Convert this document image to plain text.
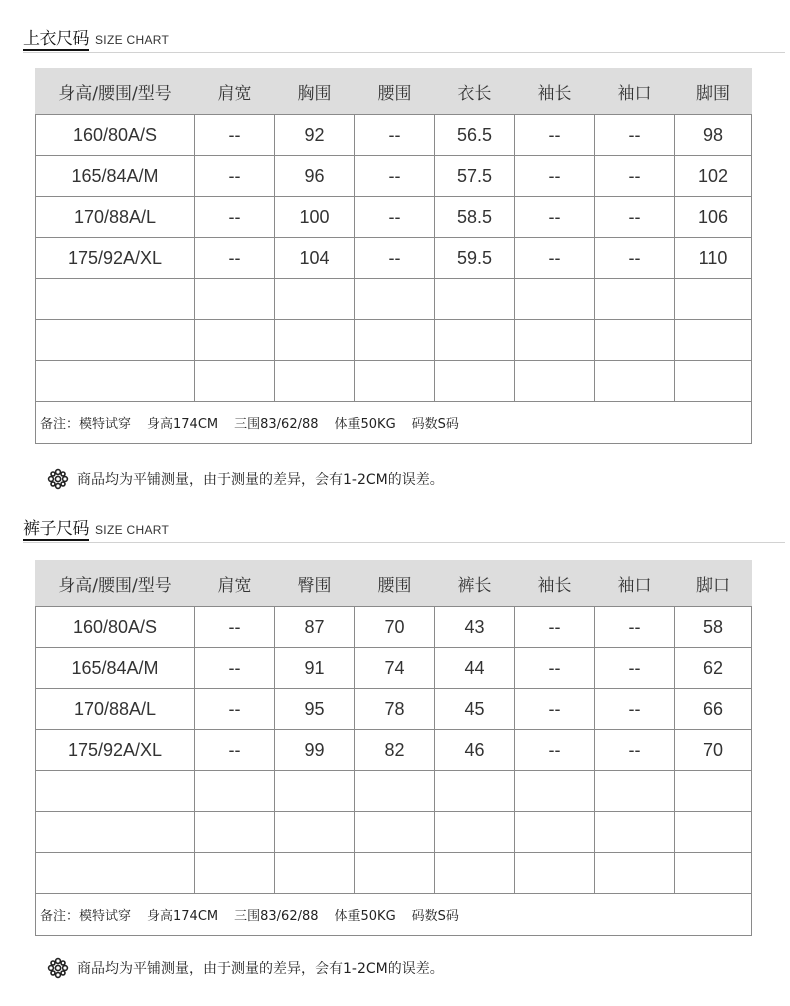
上衣尺码 SIZE CHART
身高/腰围/型号	肩宽	胸围	腰围	衣长	袖长	袖口	脚围
160/80A/S	--	92	--	56.5	--	--	98
165/84A/M	--	96	--	57.5	--	--	102
170/88A/L	--	100	--	58.5	--	--	106
175/92A/XL	--	104	--	59.5	--	--	110

备注：模特试穿 身高174CM 三围83/62/88 体重50KG 码数S码							
商品均为平铺测量，由于测量的差异，会有1-2CM的误差。
裤子尺码 SIZE CHART
身高/腰围/型号	肩宽	臀围	腰围	裤长	袖长	袖口	脚口
160/80A/S	--	87	70	43	--	--	58
165/84A/M	--	91	74	44	--	--	62
170/88A/L	--	95	78	45	--	--	66
175/92A/XL	--	99	82	46	--	--	70

备注：模特试穿 身高174CM 三围83/62/88 体重50KG 码数S码							
商品均为平铺测量，由于测量的差异，会有1-2CM的误差。
